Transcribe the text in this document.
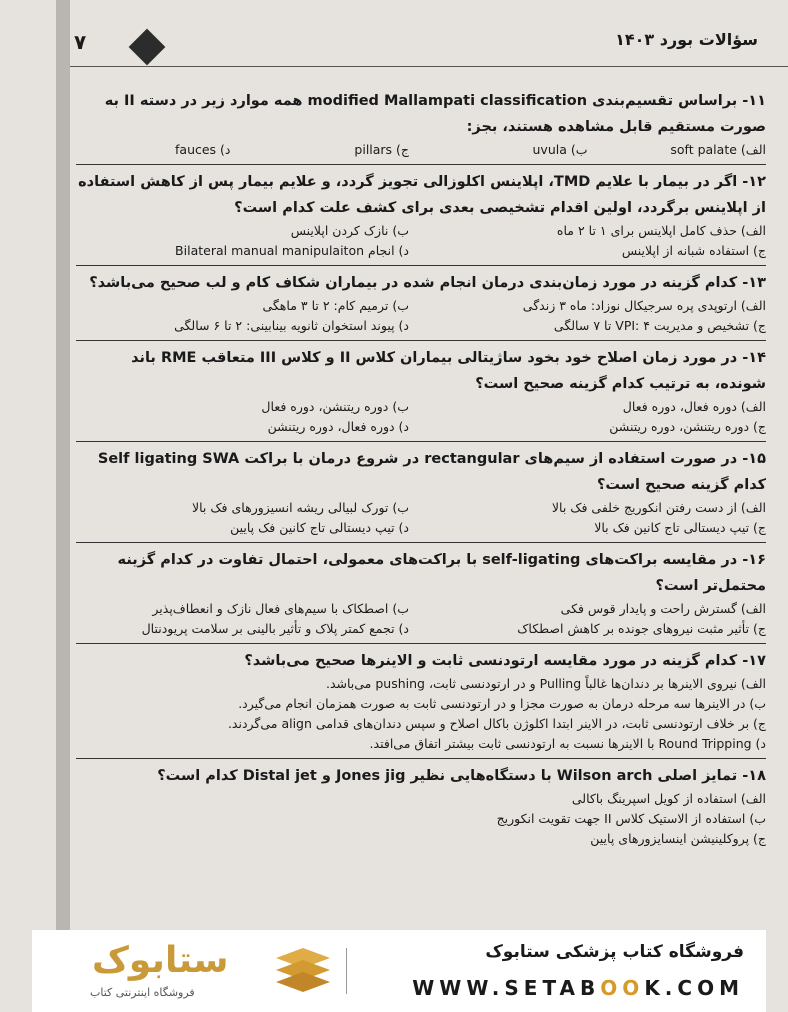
۷	سؤالات بورد ۱۴۰۳
۱۱- براساس تقسیم‌بندی modified Mallampati classification همه موارد زیر در دسته II به صورت مستقیم قابل مشاهده هستند، بجز:
الف) soft palate
ب) uvula
ج) pillars
د) fauces
۱۲- اگر در بیمار با علایم TMD، اپلاینس اکلوزالی تجویز گردد، و علایم بیمار پس از کاهش استفاده از اپلاینس برگردد، اولین اقدام تشخیصی بعدی برای کشف علت کدام است؟
الف) حذف کامل اپلاینس برای ۱ تا ۲ ماه
ب) نازک کردن اپلاینس
ج) استفاده شبانه از اپلاینس
د) انجام Bilateral manual manipulaiton
۱۳- کدام گزینه در مورد زمان‌بندی درمان انجام شده در بیماران شکاف کام و لب صحیح می‌باشد؟
الف) ارتوپدی پره سرجیکال نوزاد: ماه ۳ زندگی
ب) ترمیم کام: ۲ تا ۳ ماهگی
ج) تشخیص و مدیریت VPI: ۴ تا ۷ سالگی
د) پیوند استخوان ثانویه بینابینی: ۲ تا ۶ سالگی
۱۴- در مورد زمان اصلاح خود بخود ساژیتالی بیماران کلاس II و کلاس III متعاقب RME باند شونده، به ترتیب کدام گزینه صحیح است؟
الف) دوره فعال، دوره فعال
ب) دوره ریتنشن، دوره فعال
ج) دوره ریتنشن، دوره ریتنشن
د) دوره فعال، دوره ریتنشن
۱۵- در صورت استفاده از سیم‌های rectangular در شروع درمان با براکت Self ligating SWA کدام گزینه صحیح است؟
الف) از دست رفتن انکوریج خلفی فک بالا
ب) تورک لبیالی ریشه انسیزورهای فک بالا
ج) تیپ دیستالی تاج کانین فک بالا
د) تیپ دیستالی تاج کانین فک پایین
۱۶- در مقایسه براکت‌های self-ligating با براکت‌های معمولی، احتمال تفاوت در کدام گزینه محتمل‌تر است؟
الف) گسترش راحت و پایدار قوس فکی
ب) اصطکاک با سیم‌های فعال نازک و انعطاف‌پذیر
ج) تأثیر مثبت نیروهای جونده بر کاهش اصطکاک
د) تجمع کمتر پلاک و تأثیر بالینی بر سلامت پریودنتال
۱۷- کدام گزینه در مورد مقایسه ارتودنسی ثابت و الاینرها صحیح می‌باشد؟
الف) نیروی الاینرها بر دندان‌ها غالباً Pulling و در ارتودنسی ثابت، pushing می‌باشد.
ب) در الاینرها سه مرحله درمان به صورت مجزا و در ارتودنسی ثابت به صورت همزمان انجام می‌گیرد.
ج) بر خلاف ارتودنسی ثابت، در الاینر ابتدا اکلوژن باکال اصلاح و سپس دندان‌های قدامی align می‌گردند.
د) Round Tripping با الاینرها نسبت به ارتودنسی ثابت بیشتر اتفاق می‌افتد.
۱۸- تمایز اصلی Wilson arch با دستگاه‌هایی نظیر Jones jig و Distal jet کدام است؟
الف) استفاده از کویل اسپرینگ باکالی
ب) استفاده از الاستیک کلاس II جهت تقویت انکوریج
ج) پروکلینیشن اینسایزورهای پایین
ستابوک
فروشگاه اینترنتی کتاب
فروشگاه کتاب پزشکی ستابوک
WWW.SETABOOK.COM
